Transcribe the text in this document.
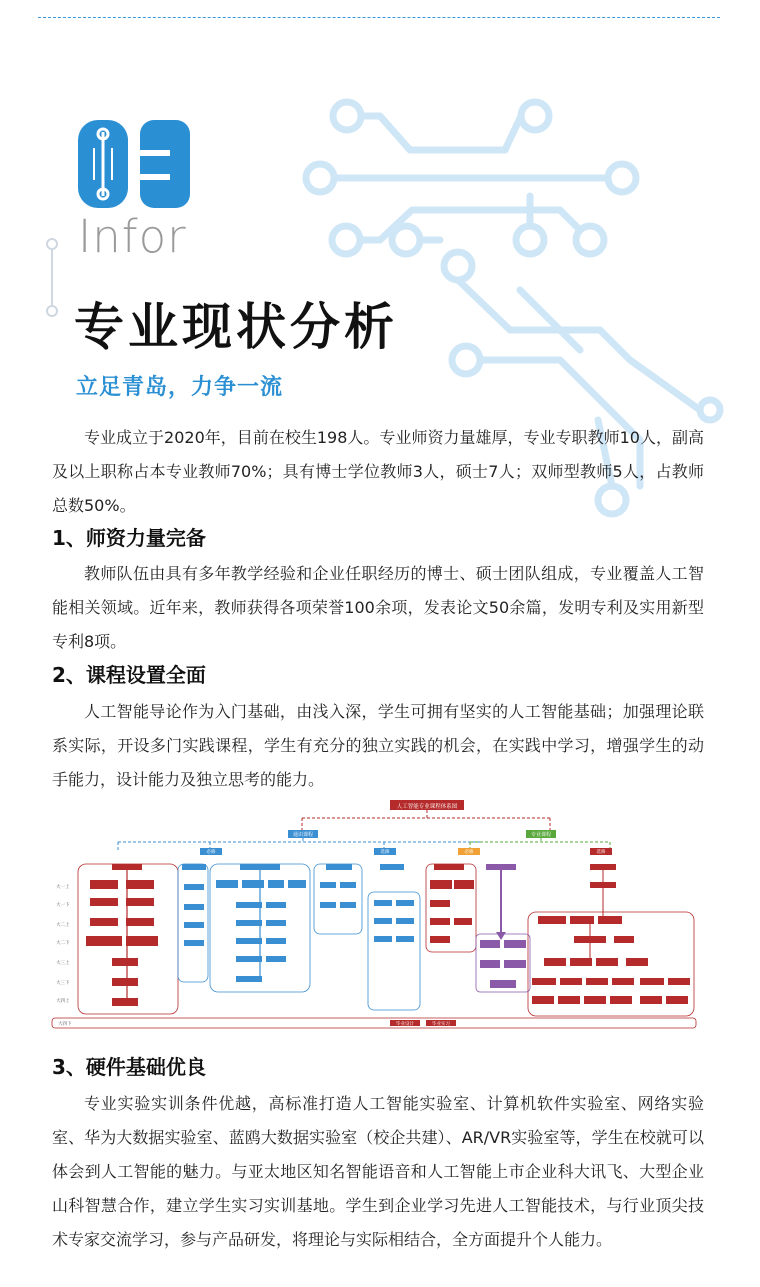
03
Infor
专业现状分析
立足青岛，力争一流

专业成立于2020年，目前在校生198人。专业师资力量雄厚，专业专职教师10人，副高及以上职称占本专业教师70%；具有博士学位教师3人，硕士7人；双师型教师5人，占教师总数50%。

1、师资力量完备

教师队伍由具有多年教学经验和企业任职经历的博士、硕士团队组成，专业覆盖人工智能相关领域。近年来，教师获得各项荣誉100余项，发表论文50余篇，发明专利及实用新型专利8项。

2、课程设置全面

人工智能导论作为入门基础，由浅入深，学生可拥有坚实的人工智能基础；加强理论联系实际，开设多门实践课程，学生有充分的独立实践的机会，在实践中学习，增强学生的动手能力，设计能力及独立思考的能力。

人工智能专业课程体系图
通识课程	专业课程
必修	选修	必修	选修
大一上
大一下
大二上
大二下
大三上
大三下
大四上
大四下	毕业设计	毕业实习
3、硬件基础优良

专业实验实训条件优越，高标准打造人工智能实验室、计算机软件实验室、网络实验室、华为大数据实验室、蓝鸥大数据实验室（校企共建）、AR/VR实验室等，学生在校就可以体会到人工智能的魅力。与亚太地区知名智能语音和人工智能上市企业科大讯飞、大型企业山科智慧合作，建立学生实习实训基地。学生到企业学习先进人工智能技术，与行业顶尖技术专家交流学习，参与产品研发，将理论与实际相结合，全方面提升个人能力。
